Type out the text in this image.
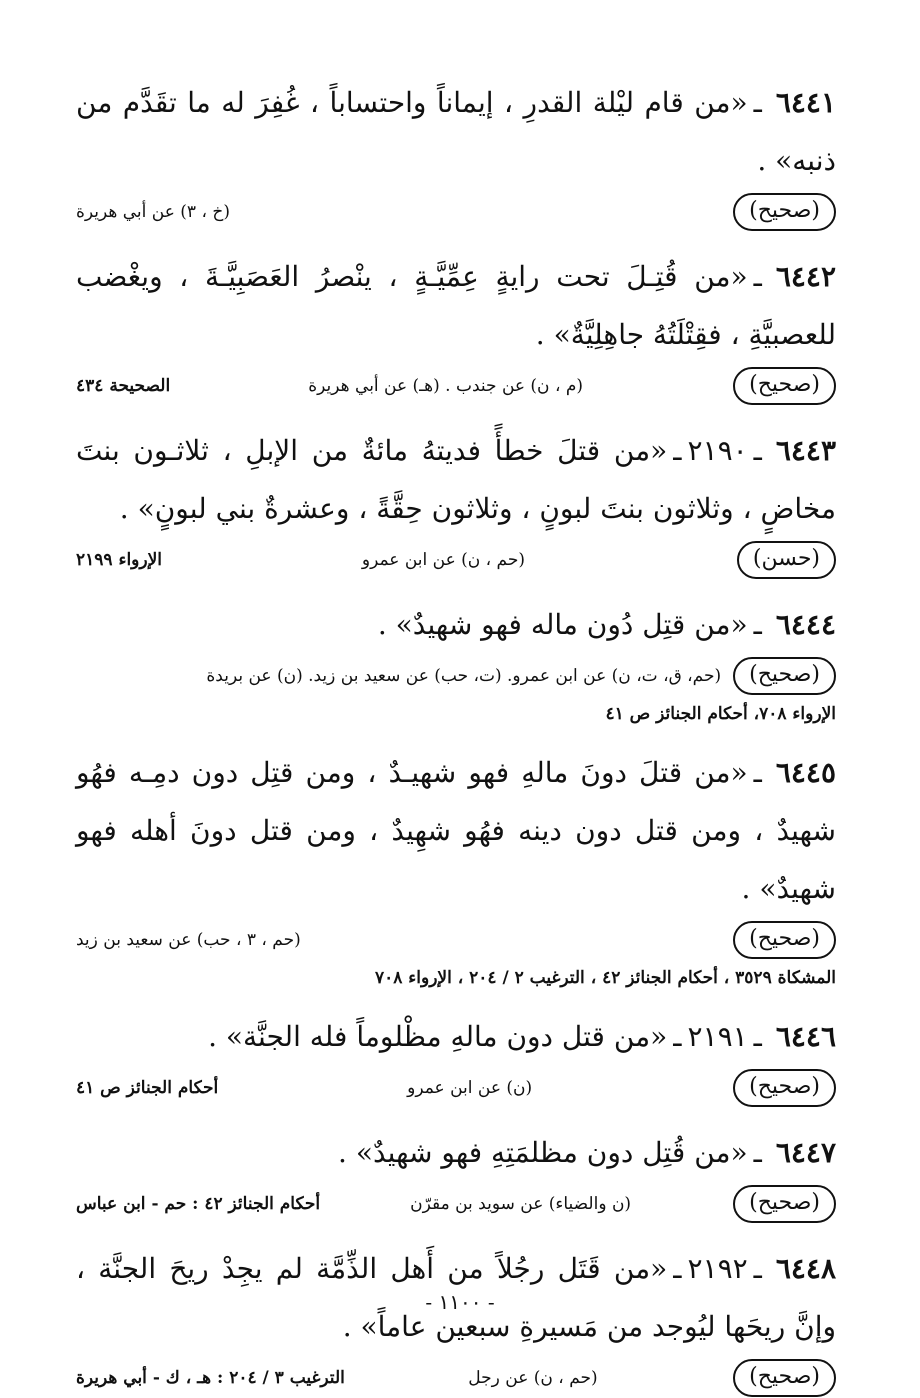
٦٤٤١ـ«من قام ليْلة القدرِ ، إيماناً واحتساباً ، غُفِرَ له ما تقَدَّم من ذنبه» .
(صحيح)
(خ ، ٣) عن أبي هريرة
٦٤٤٢ـ«من قُتِـلَ تحت رايةٍ عِمِّيَّـةٍ ، ينْصرُ العَصَبِيَّـةَ ، ويغْضب للعصبيَّةِ ، فقِتْلَتُهُ جاهِلِيَّةٌ» .
(صحيح)
(م ، ن) عن جندب . (هـ) عن أبي هريرة
الصحيحة ٤٣٤
٦٤٤٣ـ٢١٩٠ـ«من قتلَ خطأً فديتهُ مائةٌ من الإبلِ ، ثلاثـون بنتَ مخاضٍ ، وثلاثون بنتَ لبونٍ ، وثلاثون حِقَّةً ، وعشرةٌ بني لبونٍ» .
(حسن)
(حم ، ن) عن ابن عمرو
الإرواء ٢١٩٩
٦٤٤٤ـ«من قتِل دُون ماله فهو شهيدٌ» .
(صحيح)
(حم، ق، ت، ن) عن ابن عمرو. (ت، حب) عن سعيد بن زيد. (ن) عن بريدة
الإرواء ٧٠٨، أحكام الجنائز ص ٤١
٦٤٤٥ـ«من قتلَ دونَ مالهِ فهو شهيـدٌ ، ومن قتِل دون دمِـه فهُو شهيدٌ ، ومن قتل دون دينه فهُو شهِيدٌ ، ومن قتل دونَ أهله فهو شهيدٌ» .
(صحيح)
(حم ، ٣ ، حب) عن سعيد بن زيد
المشكاة ٣٥٢٩ ، أحكام الجنائز ٤٢ ، الترغيب ٢ / ٢٠٤ ، الإرواء ٧٠٨
٦٤٤٦ـ٢١٩١ـ«من قتل دون مالهِ مظْلوماً فله الجنَّة» .
(صحيح)
(ن) عن ابن عمرو
أحكام الجنائز ص ٤١
٦٤٤٧ـ«من قُتِل دون مظلمَتِهِ فهو شهيدٌ» .
(صحيح)
(ن والضياء) عن سويد بن مقرّن
أحكام الجنائز ٤٢ : حم - ابن عباس
٦٤٤٨ـ٢١٩٢ـ«من قَتَل رجُلاً من أَهل الذِّمَّة لم يجِدْ ريحَ الجنَّة ، وإنَّ ريحَها ليُوجد من مَسيرةِ سبعين عاماً» .
(صحيح)
(حم ، ن) عن رجل
الترغيب ٣ / ٢٠٤ : هـ ، ك - أبي هريرة
- ١١٠٠ -
